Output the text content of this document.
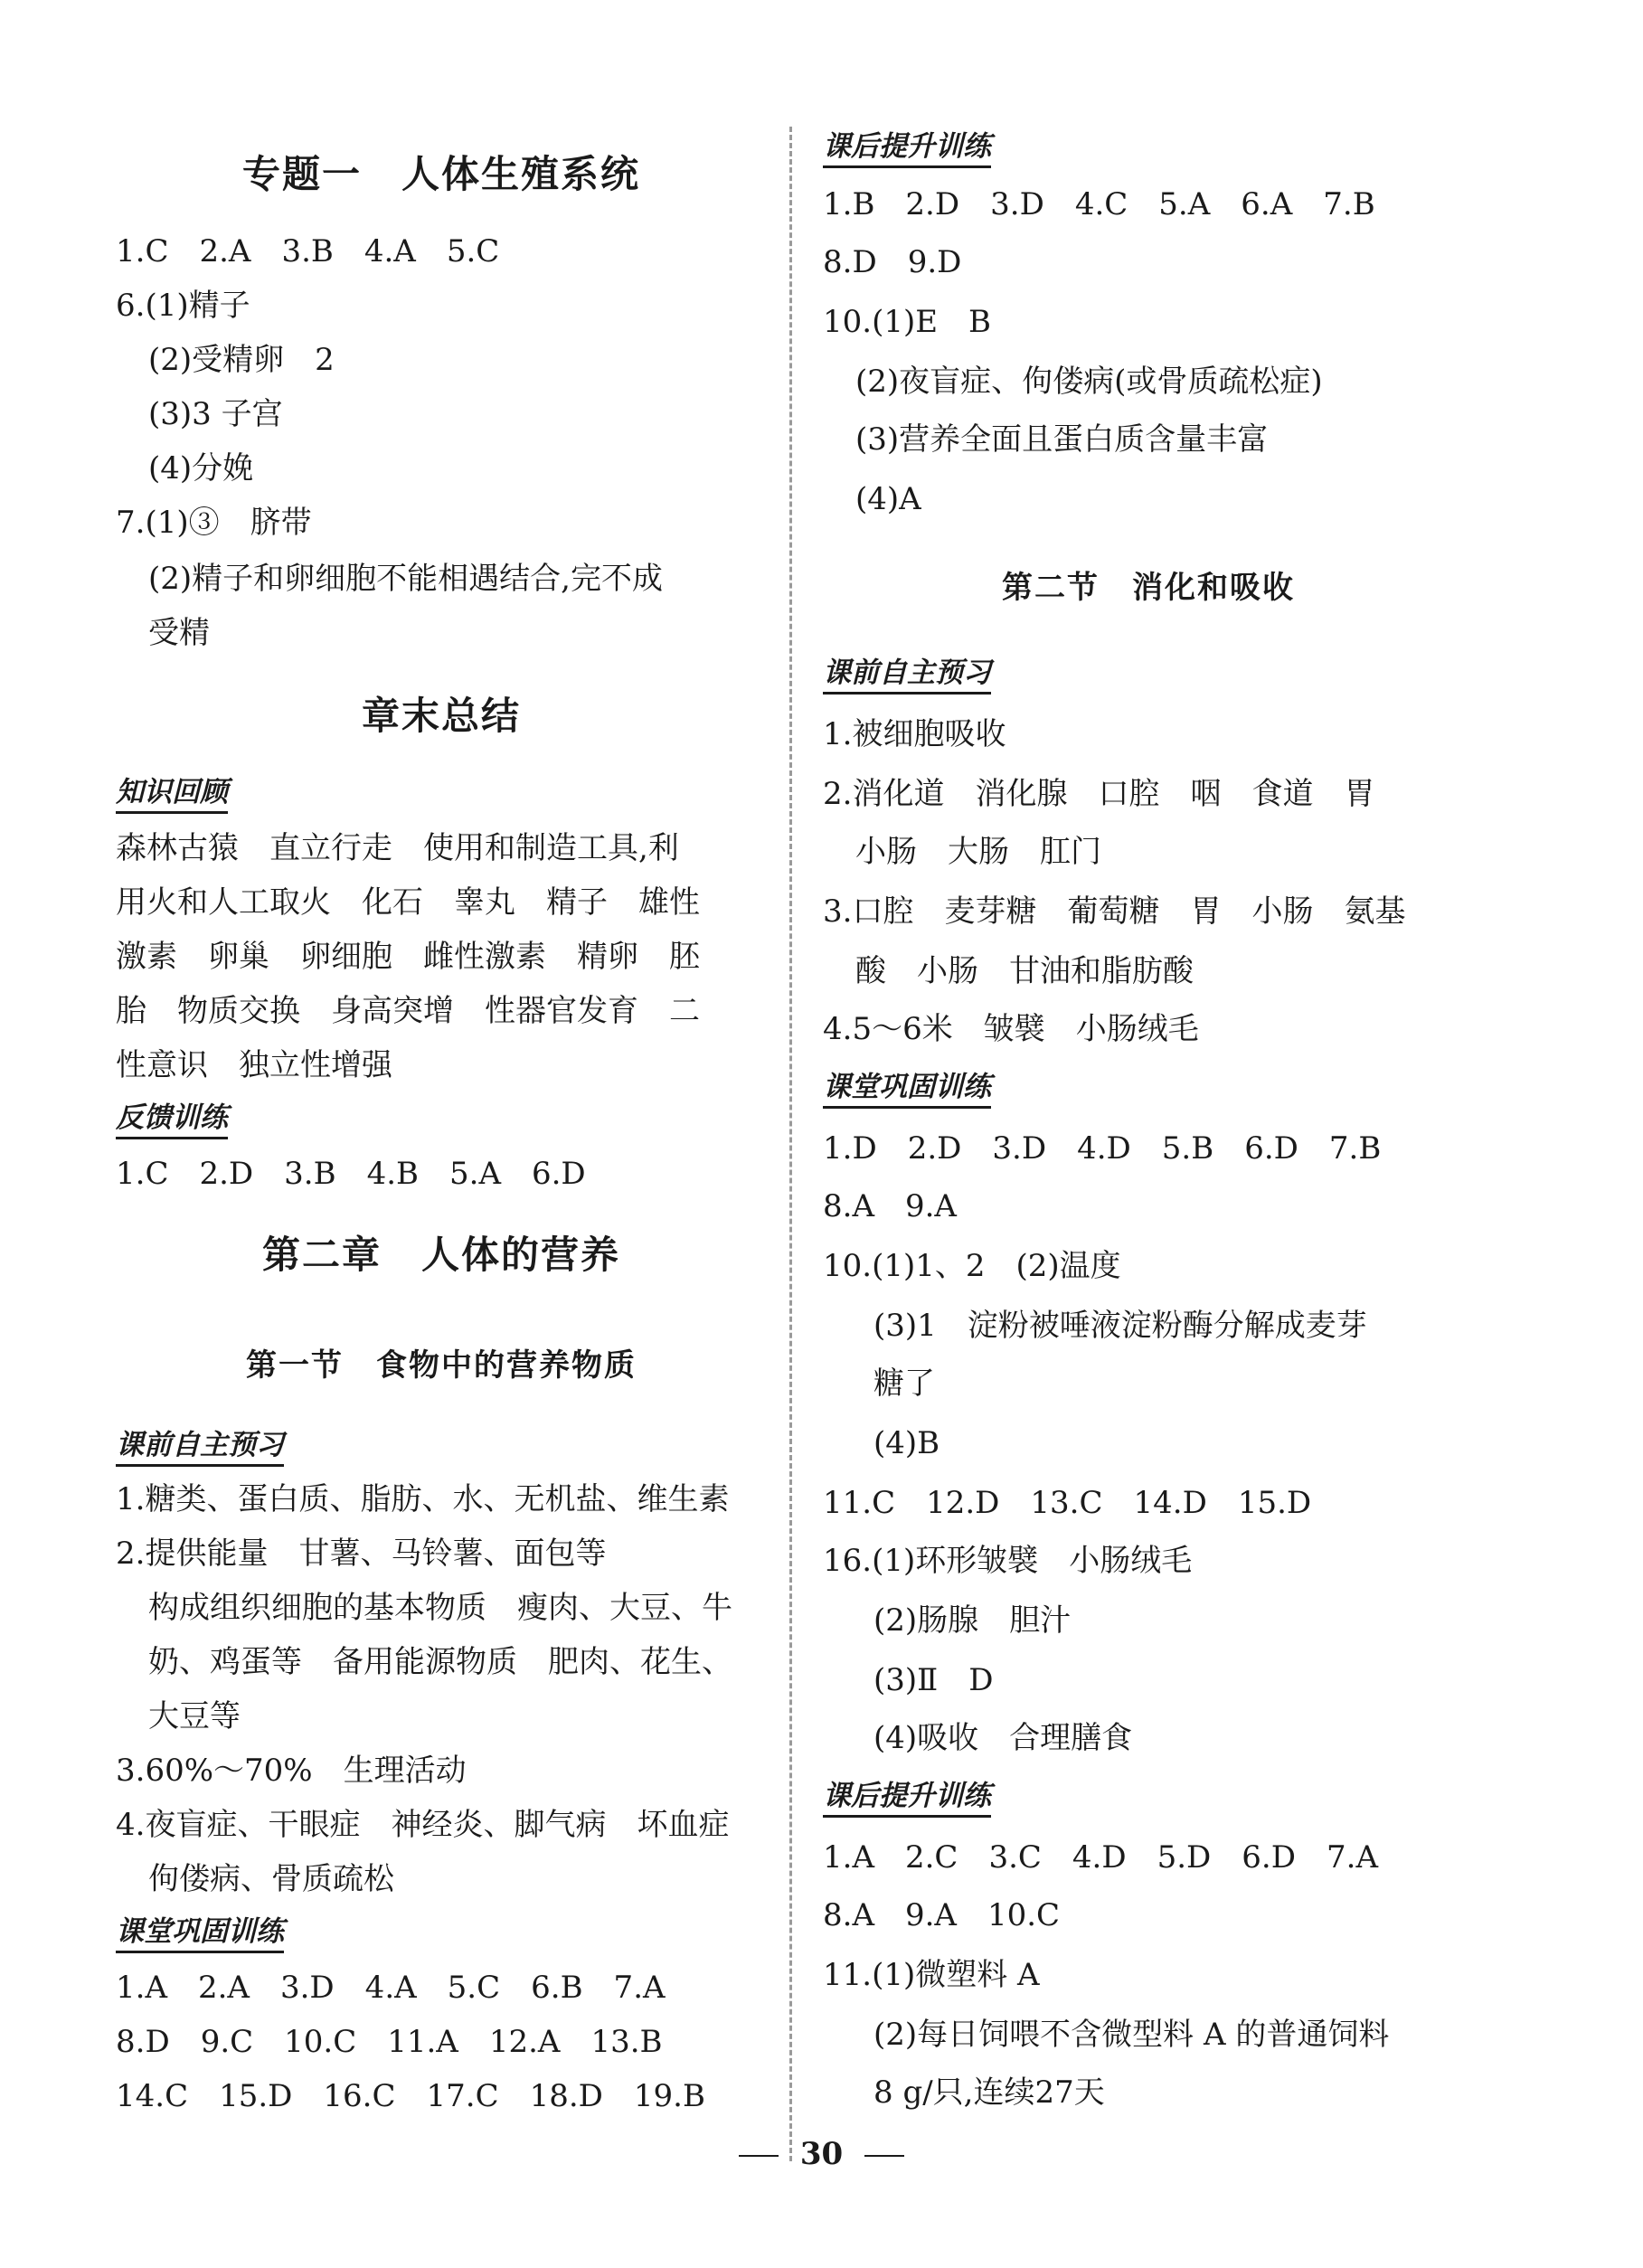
专题一　人体生殖系统
1.C　2.A　3.B　4.A　5.C
6.(1)精子
(2)受精卵　2
(3)3 子宫
(4)分娩
7.(1)③　脐带
(2)精子和卵细胞不能相遇结合,完不成
受精
章末总结
知识回顾
森林古猿　直立行走　使用和制造工具,利
用火和人工取火　化石　睾丸　精子　雄性
激素　卵巢　卵细胞　雌性激素　精卵　胚
胎　物质交换　身高突增　性器官发育　二
性意识　独立性增强
反馈训练
1.C　2.D　3.B　4.B　5.A　6.D
第二章　人体的营养
第一节　食物中的营养物质
课前自主预习
1.糖类、蛋白质、脂肪、水、无机盐、维生素
2.提供能量　甘薯、马铃薯、面包等
构成组织细胞的基本物质　瘦肉、大豆、牛
奶、鸡蛋等　备用能源物质　肥肉、花生、
大豆等
3.60%～70%　生理活动
4.夜盲症、干眼症　神经炎、脚气病　坏血症
佝偻病、骨质疏松
课堂巩固训练
1.A　2.A　3.D　4.A　5.C　6.B　7.A
8.D　9.C　10.C　11.A　12.A　13.B
14.C　15.D　16.C　17.C　18.D　19.B
课后提升训练
1.B　2.D　3.D　4.C　5.A　6.A　7.B
8.D　9.D
10.(1)E　B
(2)夜盲症、佝偻病(或骨质疏松症)
(3)营养全面且蛋白质含量丰富
(4)A
第二节　消化和吸收
课前自主预习
1.被细胞吸收
2.消化道　消化腺　口腔　咽　食道　胃
小肠　大肠　肛门
3.口腔　麦芽糖　葡萄糖　胃　小肠　氨基
酸　小肠　甘油和脂肪酸
4.5～6米　皱襞　小肠绒毛
课堂巩固训练
1.D　2.D　3.D　4.D　5.B　6.D　7.B
8.A　9.A
10.(1)1、2　(2)温度
(3)1　淀粉被唾液淀粉酶分解成麦芽
糖了
(4)B
11.C　12.D　13.C　14.D　15.D
16.(1)环形皱襞　小肠绒毛
(2)肠腺　胆汁
(3)Ⅱ　D
(4)吸收　合理膳食
课后提升训练
1.A　2.C　3.C　4.D　5.D　6.D　7.A
8.A　9.A　10.C
11.(1)微塑料 A
(2)每日饲喂不含微型料 A 的普通饲料
8 g/只,连续27天
30
